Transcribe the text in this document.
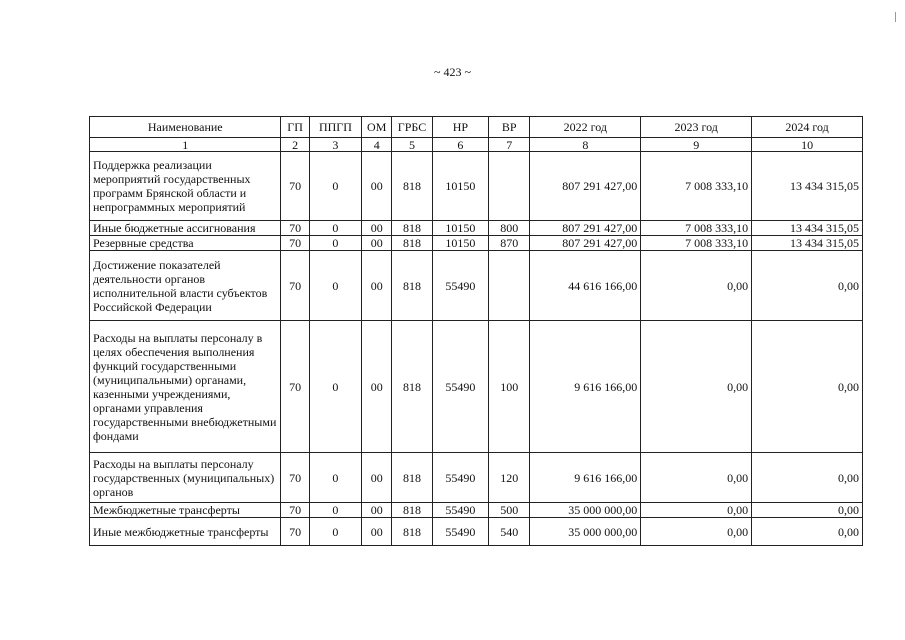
~ 423 ~
Наименование	ГП	ППГП	ОМ	ГРБС	НР	ВР	2022 год	2023 год	2024 год
1	2	3	4	5	6	7	8	9	10
Поддержка реализации мероприятий государственных программ Брянской области и непрограммных мероприятий	70	0	00	818	10150		807 291 427,00	7 008 333,10	13 434 315,05
Иные бюджетные ассигнования	70	0	00	818	10150	800	807 291 427,00	7 008 333,10	13 434 315,05
Резервные средства	70	0	00	818	10150	870	807 291 427,00	7 008 333,10	13 434 315,05
Достижение показателей деятельности органов исполнительной власти субъектов Российской Федерации	70	0	00	818	55490		44 616 166,00	0,00	0,00
Расходы на выплаты персоналу в целях обеспечения выполнения функций государственными (муниципальными) органами, казенными учреждениями, органами управления государственными внебюджетными фондами	70	0	00	818	55490	100	9 616 166,00	0,00	0,00
Расходы на выплаты персоналу государственных (муниципальных) органов	70	0	00	818	55490	120	9 616 166,00	0,00	0,00
Межбюджетные трансферты	70	0	00	818	55490	500	35 000 000,00	0,00	0,00
Иные межбюджетные трансферты	70	0	00	818	55490	540	35 000 000,00	0,00	0,00
